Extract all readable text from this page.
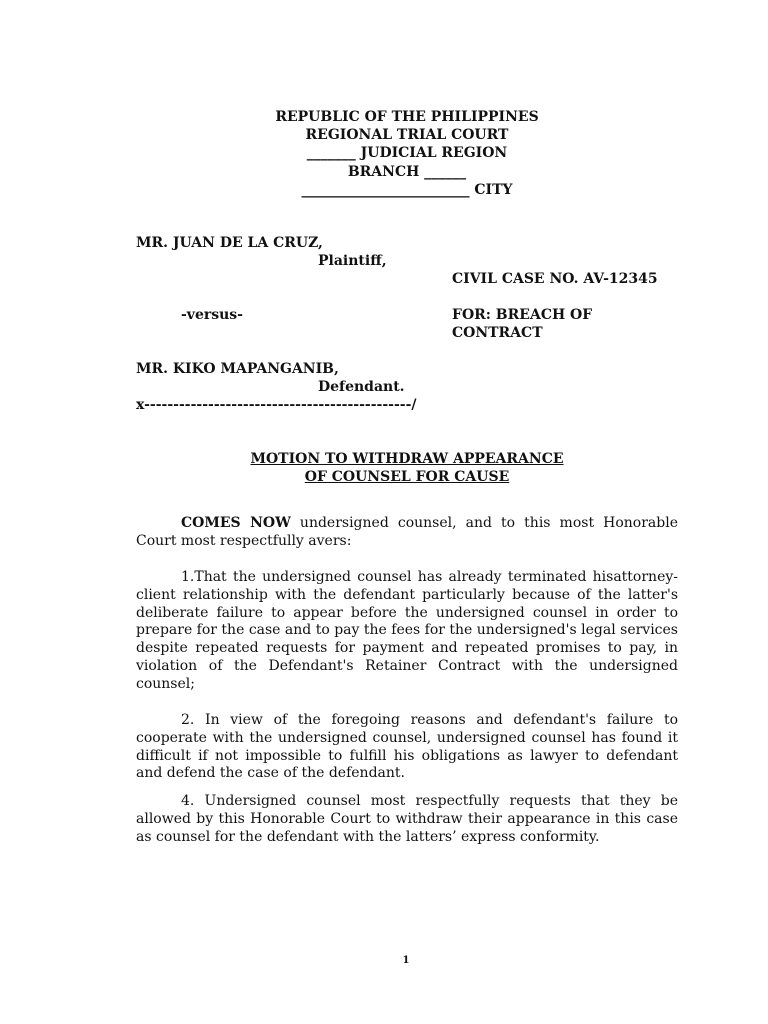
REPUBLIC OF THE PHILIPPINES
REGIONAL TRIAL COURT
_______ JUDICIAL REGION
BRANCH ______
________________________ CITY
MR. JUAN DE LA CRUZ,
Plaintiff,
CIVIL CASE NO. AV-12345
-versus-	FOR: BREACH OF
CONTRACT
MR. KIKO MAPANGANIB,
Defendant.
x----------------------------------------------/
MOTION TO WITHDRAW APPEARANCE
OF COUNSEL FOR CAUSE

COMES NOW undersigned counsel, and to this most Honorable Court most respectfully avers:

1.That the undersigned counsel has already terminated hisattorney-client relationship with the defendant particularly because of the latter's deliberate failure to appear before the undersigned counsel in order to prepare for the case and to pay the fees for the undersigned's legal services despite repeated requests for payment and repeated promises to pay, in violation of the Defendant's Retainer Contract with the undersigned counsel;

2. In view of the foregoing reasons and defendant's failure to cooperate with the undersigned counsel, undersigned counsel has found it difficult if not impossible to fulfill his obligations as lawyer to defendant and defend the case of the defendant.

4. Undersigned counsel most respectfully requests that they be allowed by this Honorable Court to withdraw their appearance in this case as counsel for the defendant with the latters’ express conformity.

1
